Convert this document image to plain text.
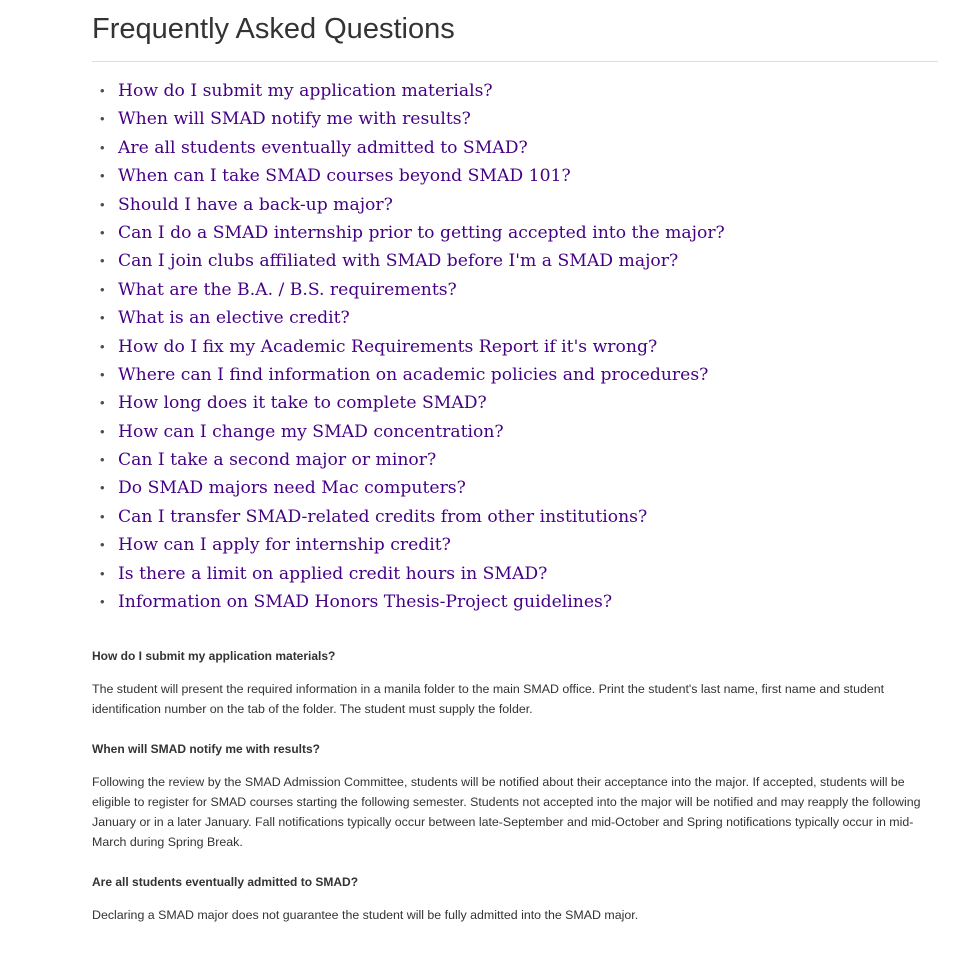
Frequently Asked Questions
• How do I submit my application materials?
• When will SMAD notify me with results?
• Are all students eventually admitted to SMAD?
• When can I take SMAD courses beyond SMAD 101?
• Should I have a back-up major?
• Can I do a SMAD internship prior to getting accepted into the major?
• Can I join clubs affiliated with SMAD before I'm a SMAD major?
• What are the B.A. / B.S. requirements?
• What is an elective credit?
• How do I fix my Academic Requirements Report if it's wrong?
• Where can I find information on academic policies and procedures?
• How long does it take to complete SMAD?
• How can I change my SMAD concentration?
• Can I take a second major or minor?
• Do SMAD majors need Mac computers?
• Can I transfer SMAD-related credits from other institutions?
• How can I apply for internship credit?
• Is there a limit on applied credit hours in SMAD?
• Information on SMAD Honors Thesis-Project guidelines?
How do I submit my application materials?

The student will present the required information in a manila folder to the main SMAD office. Print the student's last name, first name and student identification number on the tab of the folder. The student must supply the folder.

When will SMAD notify me with results?

Following the review by the SMAD Admission Committee, students will be notified about their acceptance into the major. If accepted, students will be eligible to register for SMAD courses starting the following semester. Students not accepted into the major will be notified and may reapply the following January or in a later January. Fall notifications typically occur between late-September and mid-October and Spring notifications typically occur in mid-March during Spring Break.

Are all students eventually admitted to SMAD?

Declaring a SMAD major does not guarantee the student will be fully admitted into the SMAD major.
